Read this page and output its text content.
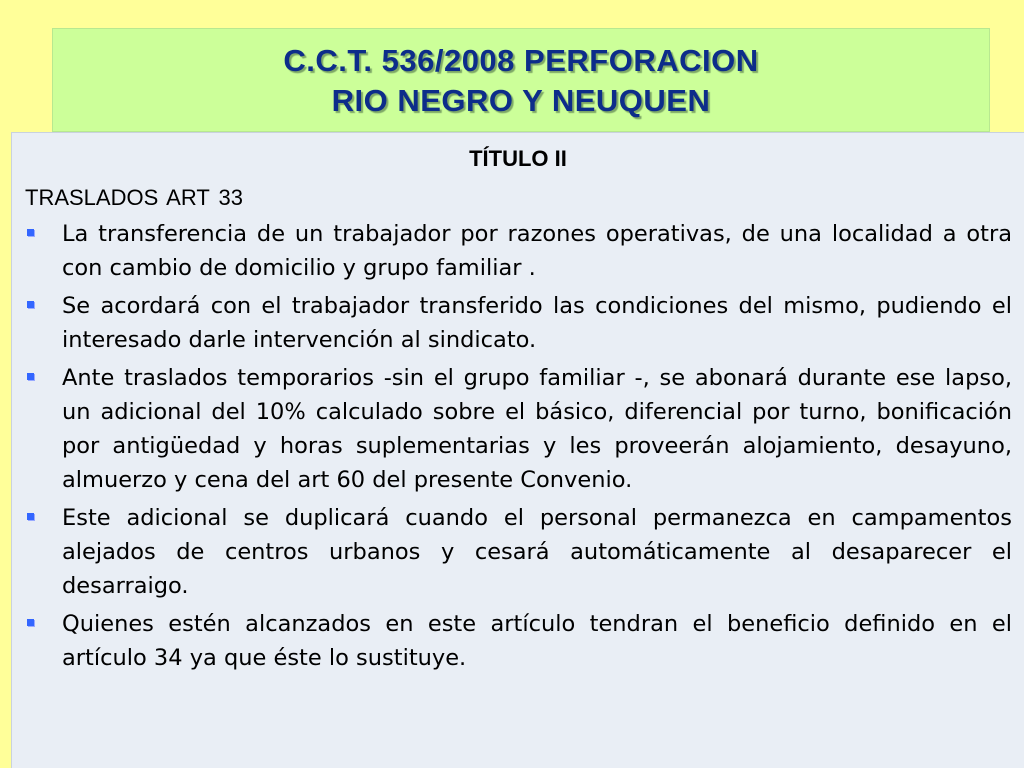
C.C.T. 536/2008 PERFORACION
RIO NEGRO Y NEUQUEN
TÍTULO II
TRASLADOS ART 33
La transferencia de un trabajador por razones operativas, de una localidad a otra con cambio de domicilio y grupo familiar .
Se acordará con el trabajador transferido las condiciones del mismo, pudiendo el interesado darle intervención al sindicato.
Ante traslados temporarios -sin el grupo familiar -, se abonará durante ese lapso, un adicional del 10% calculado sobre el básico, diferencial por turno, bonificación por antigüedad y horas suplementarias y les proveerán alojamiento, desayuno, almuerzo y cena del art 60 del presente Convenio.
Este adicional se duplicará cuando el personal permanezca en campamentos alejados de centros urbanos y cesará automáticamente al desaparecer el desarraigo.
Quienes estén alcanzados en este artículo tendran el beneficio definido en el artículo 34 ya que éste lo sustituye.
